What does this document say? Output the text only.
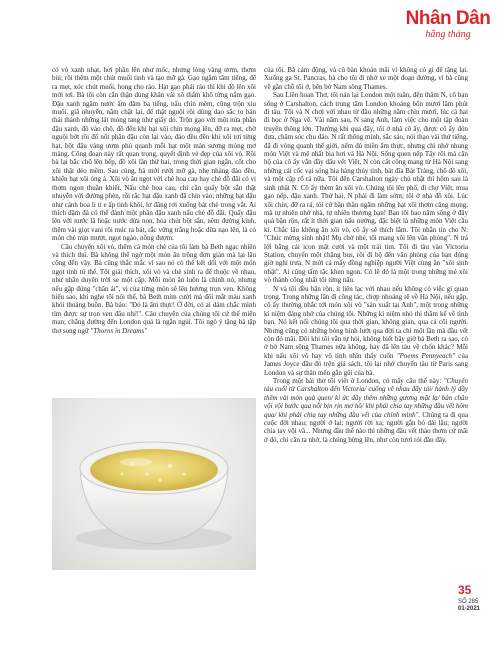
Nhân Dân
hằng tháng

có vỏ xanh nhạt, hơi phần lên như mốc, nhưng lòng vàng ươm, thơm bùi; rồi thêm một chút muối tinh và tạo mỡ gà. Gạo ngâm tâm tiếng, để ra mẹt, xóc chút muối, hong cho ráo. Hạt gạo phải ráo thì khi đồ lên xôi mới tơi. Bà tôi còn cẩn thận dùng khăn vải xô thấm khô từng nắm gạo. Đậu xanh ngâm nước ấm đãm ba tiếng, nấu chín mềm, cũng trộn xíu muối, giã nhuyễn, nắm chặt lại, để thật nguội rồi dùng dao sắc to bản thái thành những lát mỏng tang như giấy dó. Trộn gạo với một nửa phần đậu xanh, đồ vào chõ, đồ đến khi hạt xôi chín mọng lên, đỡ ra mẹt, chờ nguội bớt rồi đổ nốt phần đậu còn lại vào, đảo đều đến khi xôi tơi từng hạt, bột đậu vàng ươm phủ quanh mỗi hạt một màn sương mỏng mơ màng. Công đoạn này rất quan trọng, quyết định vẻ đẹp của xôi vò. Rồi bà lại bắc chõ lên bếp, đồ xôi lần thứ hai, trong thời gian ngắn, cốt cho xôi thật dẻo mềm. Sau cùng, bà mới rưới mỡ gà, nhẹ nhàng đảo đều, khiến hạt xôi óng ả. Xôi vò ăn ngọt với chè hoa cau hay chè đỗ đãi có vị thơm ngon thuần khiết. Nấu chè hoa cau, chỉ cần quấy bột sắn thật nhuyễn với đường phèn, rồi rắc hạt đậu xanh đã chín vào; những hạt đậu như cánh hoa li ti e ấp tinh khôi, lơ đãng rơi xuống bát chè trong vắt. Ai thích đậm đà có thể đánh một phần đậu xanh nấu chè đỗ đãi. Quấy đậu lên với nước lã hoặc nước dừa non, hòa chút bột sắn, nêm đường kính, thêm vài giọt vani rồi múc ra bát, rắc vừng trắng hoặc dừa nạo lên, là có món chè mịn mượt, ngọt ngào, nồng đượm.

Câu chuyện xôi vò, thêm cả món chè của tôi làm bà Beth ngạc nhiên và thích thú. Bà không thể ngờ một món ăn trông đơn giản mà lại lâu công đến vậy. Bà cũng thắc mắc vì sao nó có thể kết dối với một món ngọt tinh tú thế. Tôi giải thích, xôi vò và chè sinh ra để thuộc về nhau, như nhân duyên trời se một cặp. Mỗi món ăn luôn là chính nó, nhưng nếu gặp đúng "chân ái", vị của từng món sẽ lên hương trọn ven. Không hiểu sao, khi nghe tôi nói thế, bà Beth mím cười mà đôi mắt màu xanh khói thoáng buồn. Bà bảo: "Đó là ẩm thực! Ở đời, có ai dám chắc mình tìm được sự trọn ven đâu nhỉ!". Câu chuyện của chúng tôi cứ thế miên man; chẳng đường đến London quả là ngắn ngủi. Tôi ngỏ ý tặng bà tập thơ song ngữ "Thorns in Dreams"

của tôi. Bà cảm động, và cũ bàn khoản mãi vì không có gì để tặng lại. Xuống ga St. Pancras, bà cho tôi đi nhờ xe một đoạn đường, vì bà cũng về gần chỗ tôi ở, bên bờ Nam sông Thames.

Sau Liên hoan Thơ, tôi nán lại London một tuần, đến thăm N, cô bạn sống ở Carshalton, cách trung tâm London khoảng bốn mươi lăm phút đi tàu. Tôi và N chơi với nhau từ đầu những năm chín mươi, lúc cả hai đi học ở Nga về. Vài năm sau, N sang Anh, làm việc cho một tập đoàn truyền thông lớn. Thường khi qua đây, tôi ở nhà cô ấy, được cô ấy đón đưa, chăm sóc chu đáo. N rất thông minh, sắc sảo, nói thạo vài thứ tiếng, đã đi vòng quanh thế giới, nếm đủ miền ẩm thực, nhưng chỉ nhớ nhung món Việt và mê nhất bia hơi và Hà Nội. Sống quen nếp Tây rồi mà cân hộ của cô ấy vẫn đầy dấu vết Việt, N còn cất công mang từ Hà Nội sang những cái cốc vại sóng bia hàng thủy tinh, bát đĩa Bát Tràng, chõ đồ xôi, và một cặp rổ rá nữa. Tôi đến Carshalton ngày chủ nhật thì hôm sau là sinh nhật N. Cô ấy thèm ăn xôi vò. Chúng tôi lên phố, đi chợ Việt, mua gạo nếp, đậu xanh. Thứ hai, N phải đi làm sớm; tôi ở nhà đồ xôi. Lúc xôi chín, đỡ ra rá, tôi cứ bần thần ngắm những hạt xôi thơm căng mọng, mà tự nhiên nhớ nhà, tự nhiên thương bạn! Bạn tôi bao năm sống ở đây quá bận rộn, rất ít thời gian nấu nướng, đặc biệt là những món Việt cầu kì. Chắc lâu không ăn xôi vò, cô ấy sẽ thích lắm. Tôi nhắn tin cho N: "Chúc mừng sinh nhật! Mụ chờ nhé, tôi mang xôi lên văn phòng". N trả lời bằng cái icon mặt cười và một trái tim. Tôi đi tàu vào Victoria Station, chuyến một chặng bus, rồi đi bộ đến văn phòng của bạn đúng giờ nghỉ trưa. N mời cả mấy đồng nghiệp người Việt cùng ăn "xôi sinh nhật". Ai cũng tấm tắc khen ngon. Có lẽ đó là một trong những mẻ xôi vò thành công nhất tôi từng nấu.

N và tôi đều bận rộn, ít liên lạc với nhau nếu không có việc gì quan trọng. Trong những lần đi công tác, chợp nhoáng rẽ về Hà Nội, nếu gặp, cô ấy thường nhắc tới món xôi vò "sản xuất tại Anh", một trong những kỉ niệm đáng nhớ của chúng tôi. Những kỉ niệm nhỏ thì thầm kể về tình bạn. Nó kết nối chúng tôi qua thời gian, không gian, qua cả cõi người. Nhưng cũng có những bóng hình lướt qua đời ta chỉ một lần mà đầu vết còn đó mãi. Đôi khi tôi vẫn tự hỏi, không biết bây giờ bà Beth ra sao, có ở bờ Nam sông Thames nữa không, hay đã lên tàu về chốn khác? Mỗi khi nấu xôi vò hay vô tình nhìn thấy cuốn "Poems Pennyeach" của James Joyce đầu đó trên giá sách, tôi lại nhớ chuyến tàu từ Paris sang London và sự thân mến gắn gũi của bà.

Trong một bài thơ tôi viết ở London, có mấy câu thế này: "Chuyến tàu cuối từ Carshalton đến Victoria/ cuống vẽ nhau đây tái/ hành lý đầy thêm vài món quà quen/ kí ức đây thêm những gương mặt lạ/ bàn chân vội vội bước qua nỗi bịn rịn mơ hồ/ khi phải chia tay những đầu vết hôm qua/ khi phải chia tay những đầu vết của chính mình". Chúng ta đi qua cuộc đời nhau; người ở lại; người rời xa; người gắn bó dài lâu; người chia tay vội vã... Nhưng đầu thế nào thì những đầu vết thảo thơm cứ mãi ở đó, chỉ cần ta nhớ, là chúng bừng lên, như còn tươi rói đầu đây.

35
SỐ 285
01-2021
